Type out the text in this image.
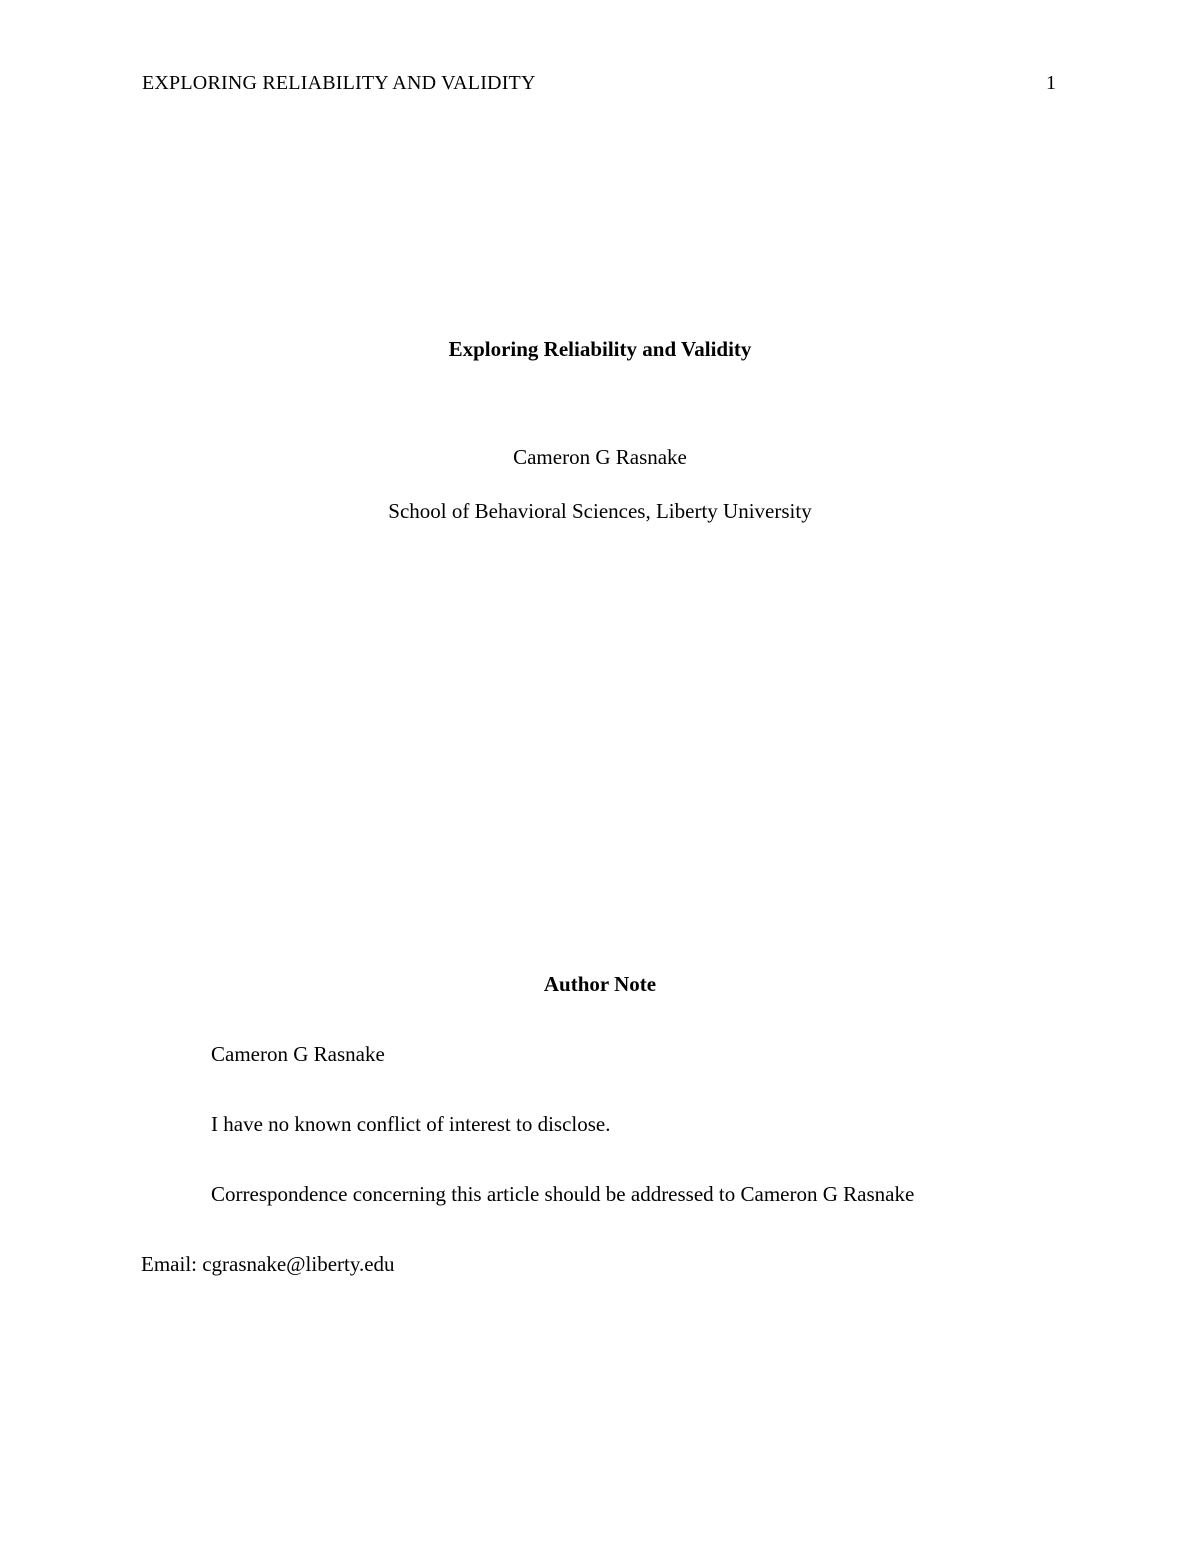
EXPLORING RELIABILITY AND VALIDITY	1
Exploring Reliability and Validity
Cameron G Rasnake
School of Behavioral Sciences, Liberty University
Author Note
Cameron G Rasnake
I have no known conflict of interest to disclose.
Correspondence concerning this article should be addressed to Cameron G Rasnake
Email: cgrasnake@liberty.edu
